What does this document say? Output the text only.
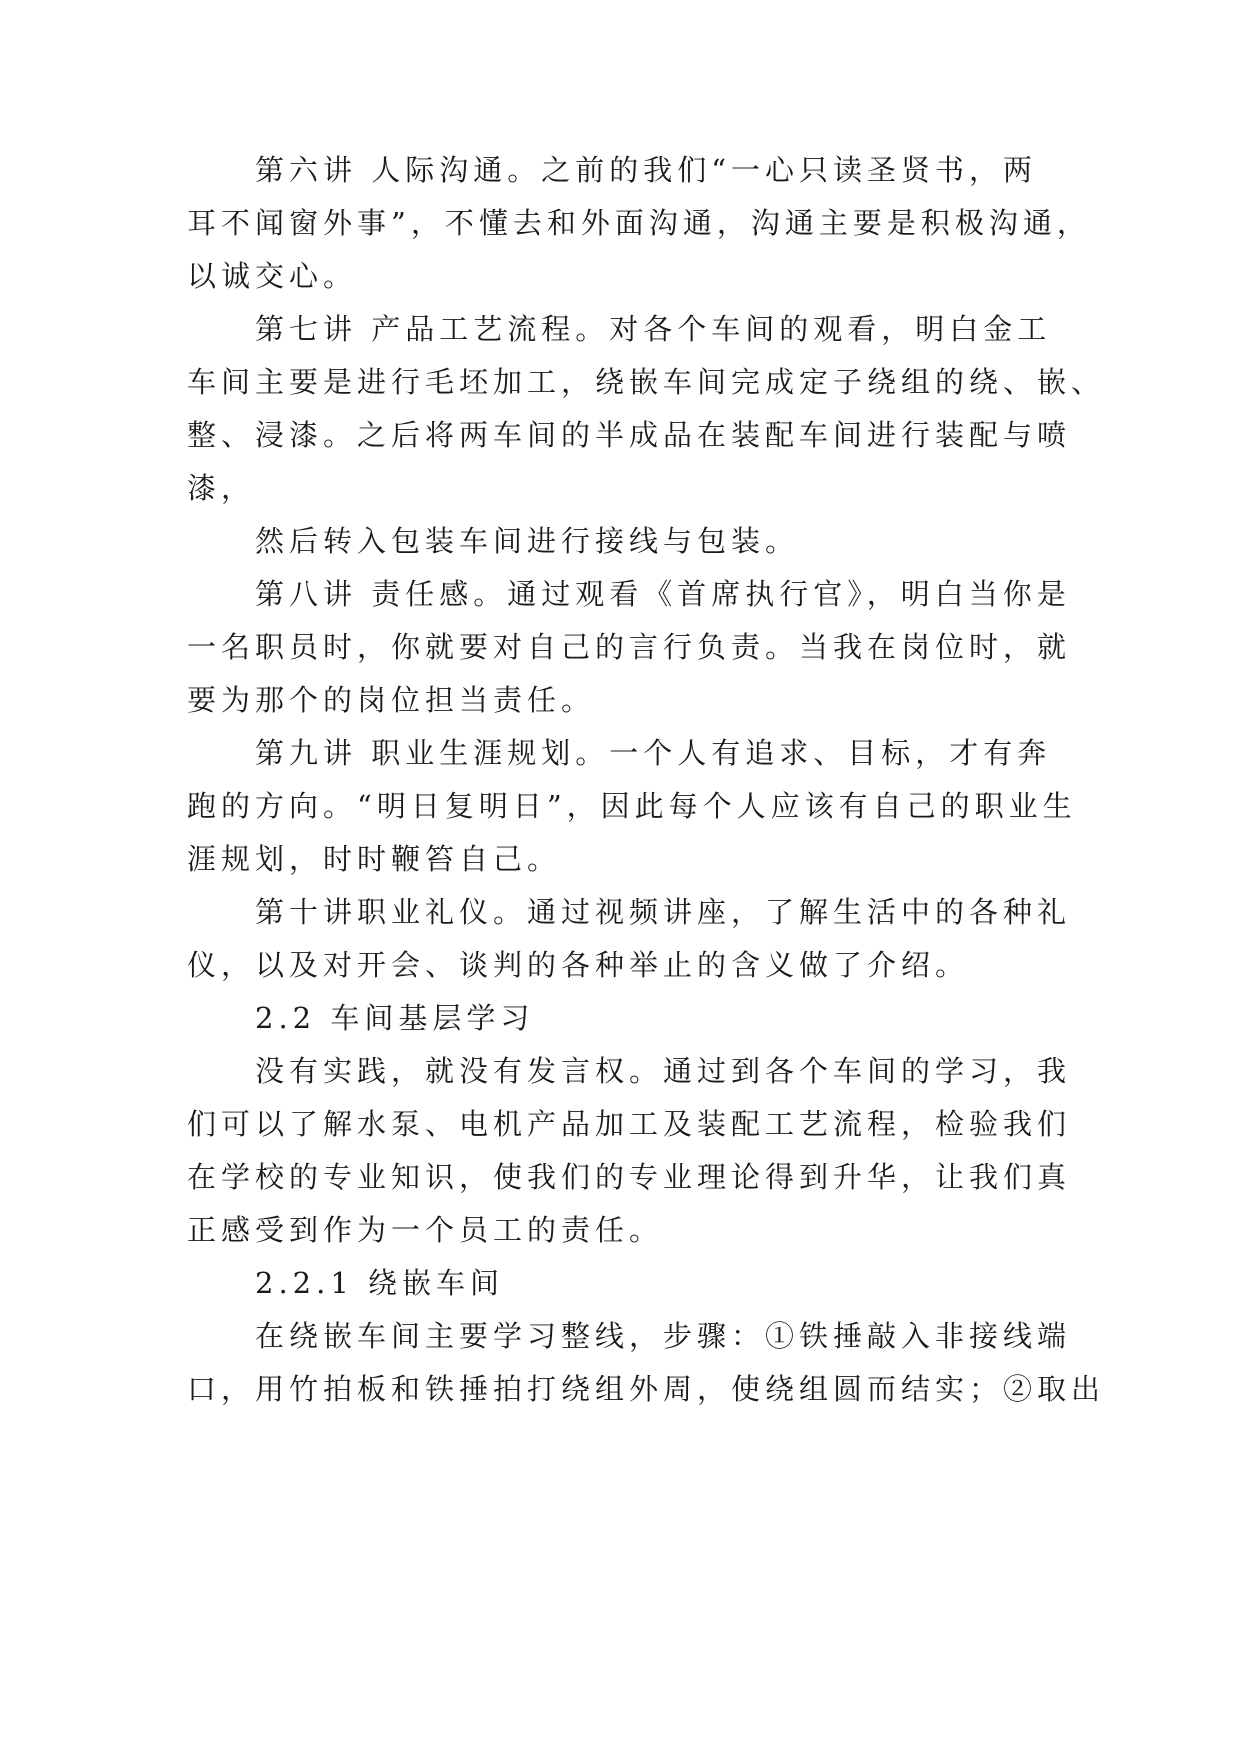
第六讲 人际沟通。之前的我们“一心只读圣贤书，两
耳不闻窗外事”，不懂去和外面沟通，沟通主要是积极沟通，
以诚交心。
第七讲 产品工艺流程。对各个车间的观看，明白金工
车间主要是进行毛坯加工，绕嵌车间完成定子绕组的绕、嵌、
整、浸漆。之后将两车间的半成品在装配车间进行装配与喷
漆，
然后转入包装车间进行接线与包装。
第八讲 责任感。通过观看《首席执行官》，明白当你是
一名职员时，你就要对自己的言行负责。当我在岗位时，就
要为那个的岗位担当责任。
第九讲 职业生涯规划。一个人有追求、目标，才有奔
跑的方向。“明日复明日”，因此每个人应该有自己的职业生
涯规划，时时鞭笞自己。
第十讲职业礼仪。通过视频讲座，了解生活中的各种礼
仪，以及对开会、谈判的各种举止的含义做了介绍。
2.2 车间基层学习
没有实践，就没有发言权。通过到各个车间的学习，我
们可以了解水泵、电机产品加工及装配工艺流程，检验我们
在学校的专业知识，使我们的专业理论得到升华，让我们真
正感受到作为一个员工的责任。
2.2.1 绕嵌车间
在绕嵌车间主要学习整线，步骤：①铁捶敲入非接线端
口，用竹拍板和铁捶拍打绕组外周，使绕组圆而结实；②取出
